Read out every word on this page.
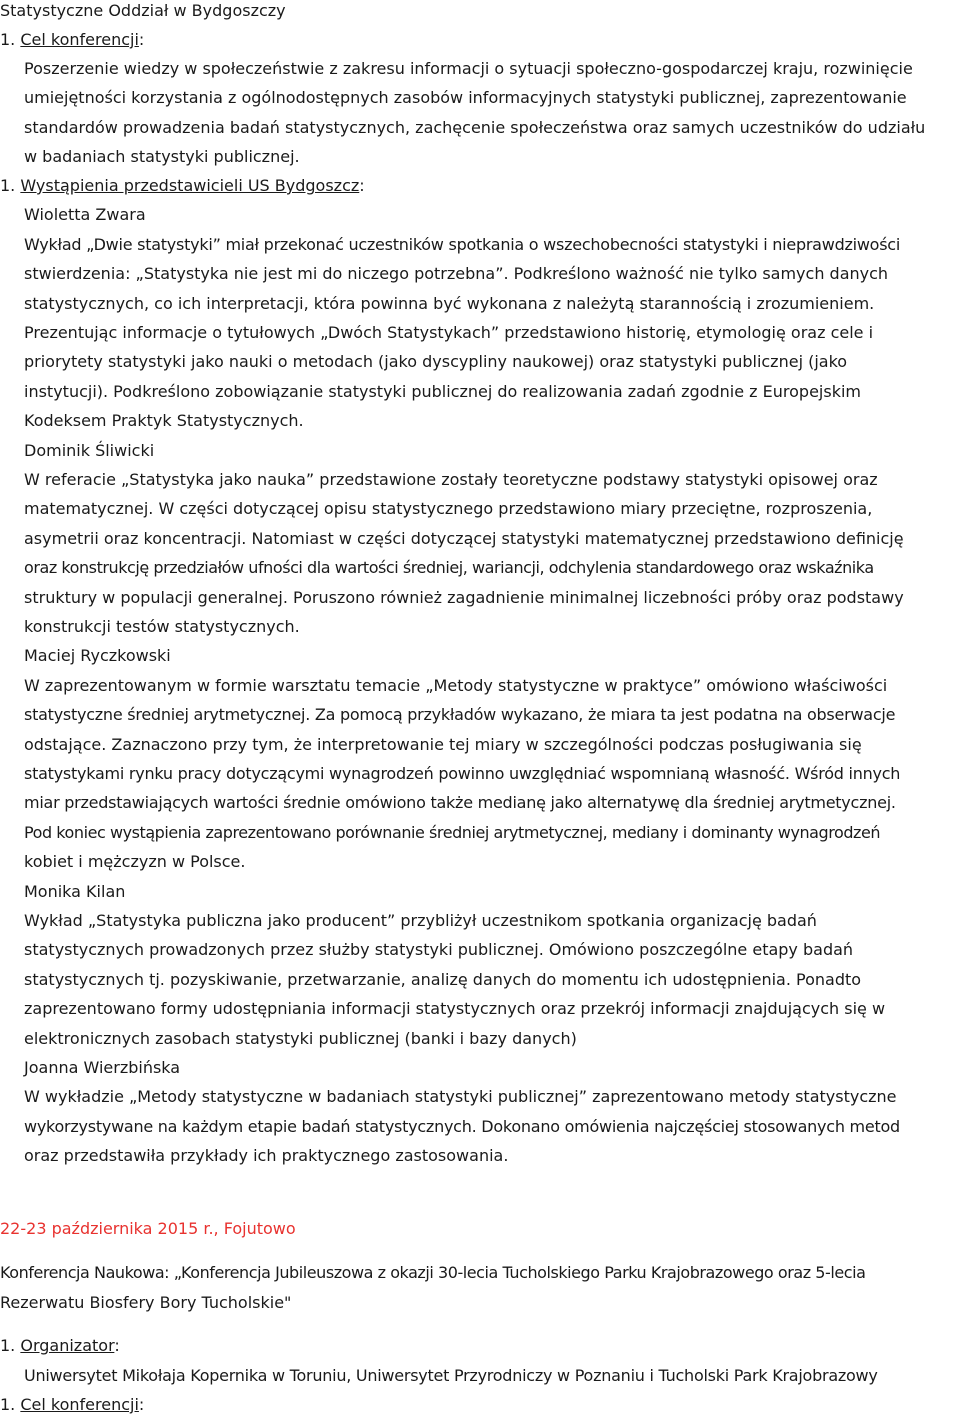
Statystyczne Oddział w Bydgoszczy
1. Cel konferencji:
Poszerzenie wiedzy w społeczeństwie z zakresu informacji o sytuacji społeczno-gospodarczej kraju, rozwinięcie
umiejętności korzystania z ogólnodostępnych zasobów informacyjnych statystyki publicznej, zaprezentowanie
standardów prowadzenia badań statystycznych, zachęcenie społeczeństwa oraz samych uczestników do udziału
w badaniach statystyki publicznej.
1. Wystąpienia przedstawicieli US Bydgoszcz:
Wioletta Zwara
Wykład „Dwie statystyki” miał przekonać uczestników spotkania o wszechobecności statystyki i nieprawdziwości
stwierdzenia: „Statystyka nie jest mi do niczego potrzebna”. Podkreślono ważność nie tylko samych danych
statystycznych, co ich interpretacji, która powinna być wykonana z należytą starannością i zrozumieniem.
Prezentując informacje o tytułowych „Dwóch Statystykach” przedstawiono historię, etymologię oraz cele i
priorytety statystyki jako nauki o metodach (jako dyscypliny naukowej) oraz statystyki publicznej (jako
instytucji). Podkreślono zobowiązanie statystyki publicznej do realizowania zadań zgodnie z Europejskim
Kodeksem Praktyk Statystycznych.
Dominik Śliwicki
W referacie „Statystyka jako nauka” przedstawione zostały teoretyczne podstawy statystyki opisowej oraz
matematycznej. W części dotyczącej opisu statystycznego przedstawiono miary przeciętne, rozproszenia,
asymetrii oraz koncentracji. Natomiast w części dotyczącej statystyki matematycznej przedstawiono definicję
oraz konstrukcję przedziałów ufności dla wartości średniej, wariancji, odchylenia standardowego oraz wskaźnika
struktury w populacji generalnej. Poruszono również zagadnienie minimalnej liczebności próby oraz podstawy
konstrukcji testów statystycznych.
Maciej Ryczkowski
W zaprezentowanym w formie warsztatu temacie „Metody statystyczne w praktyce” omówiono właściwości
statystyczne średniej arytmetycznej. Za pomocą przykładów wykazano, że miara ta jest podatna na obserwacje
odstające. Zaznaczono przy tym, że interpretowanie tej miary w szczególności podczas posługiwania się
statystykami rynku pracy dotyczącymi wynagrodzeń powinno uwzględniać wspomnianą własność. Wśród innych
miar przedstawiających wartości średnie omówiono także medianę jako alternatywę dla średniej arytmetycznej.
Pod koniec wystąpienia zaprezentowano porównanie średniej arytmetycznej, mediany i dominanty wynagrodzeń
kobiet i mężczyzn w Polsce.
Monika Kilan
Wykład „Statystyka publiczna jako producent” przybliżył uczestnikom spotkania organizację badań
statystycznych prowadzonych przez służby statystyki publicznej. Omówiono poszczególne etapy badań
statystycznych tj. pozyskiwanie, przetwarzanie, analizę danych do momentu ich udostępnienia. Ponadto
zaprezentowano formy udostępniania informacji statystycznych oraz przekrój informacji znajdujących się w
elektronicznych zasobach statystyki publicznej (banki i bazy danych)
Joanna Wierzbińska
W wykładzie „Metody statystyczne w badaniach statystyki publicznej” zaprezentowano metody statystyczne
wykorzystywane na każdym etapie badań statystycznych. Dokonano omówienia najczęściej stosowanych metod
oraz przedstawiła przykłady ich praktycznego zastosowania.
22-23 października 2015 r., Fojutowo
Konferencja Naukowa: „Konferencja Jubileuszowa z okazji 30-lecia Tucholskiego Parku Krajobrazowego oraz 5-lecia
Rezerwatu Biosfery Bory Tucholskie"
1. Organizator:
Uniwersytet Mikołaja Kopernika w Toruniu, Uniwersytet Przyrodniczy w Poznaniu i Tucholski Park Krajobrazowy
1. Cel konferencji:
